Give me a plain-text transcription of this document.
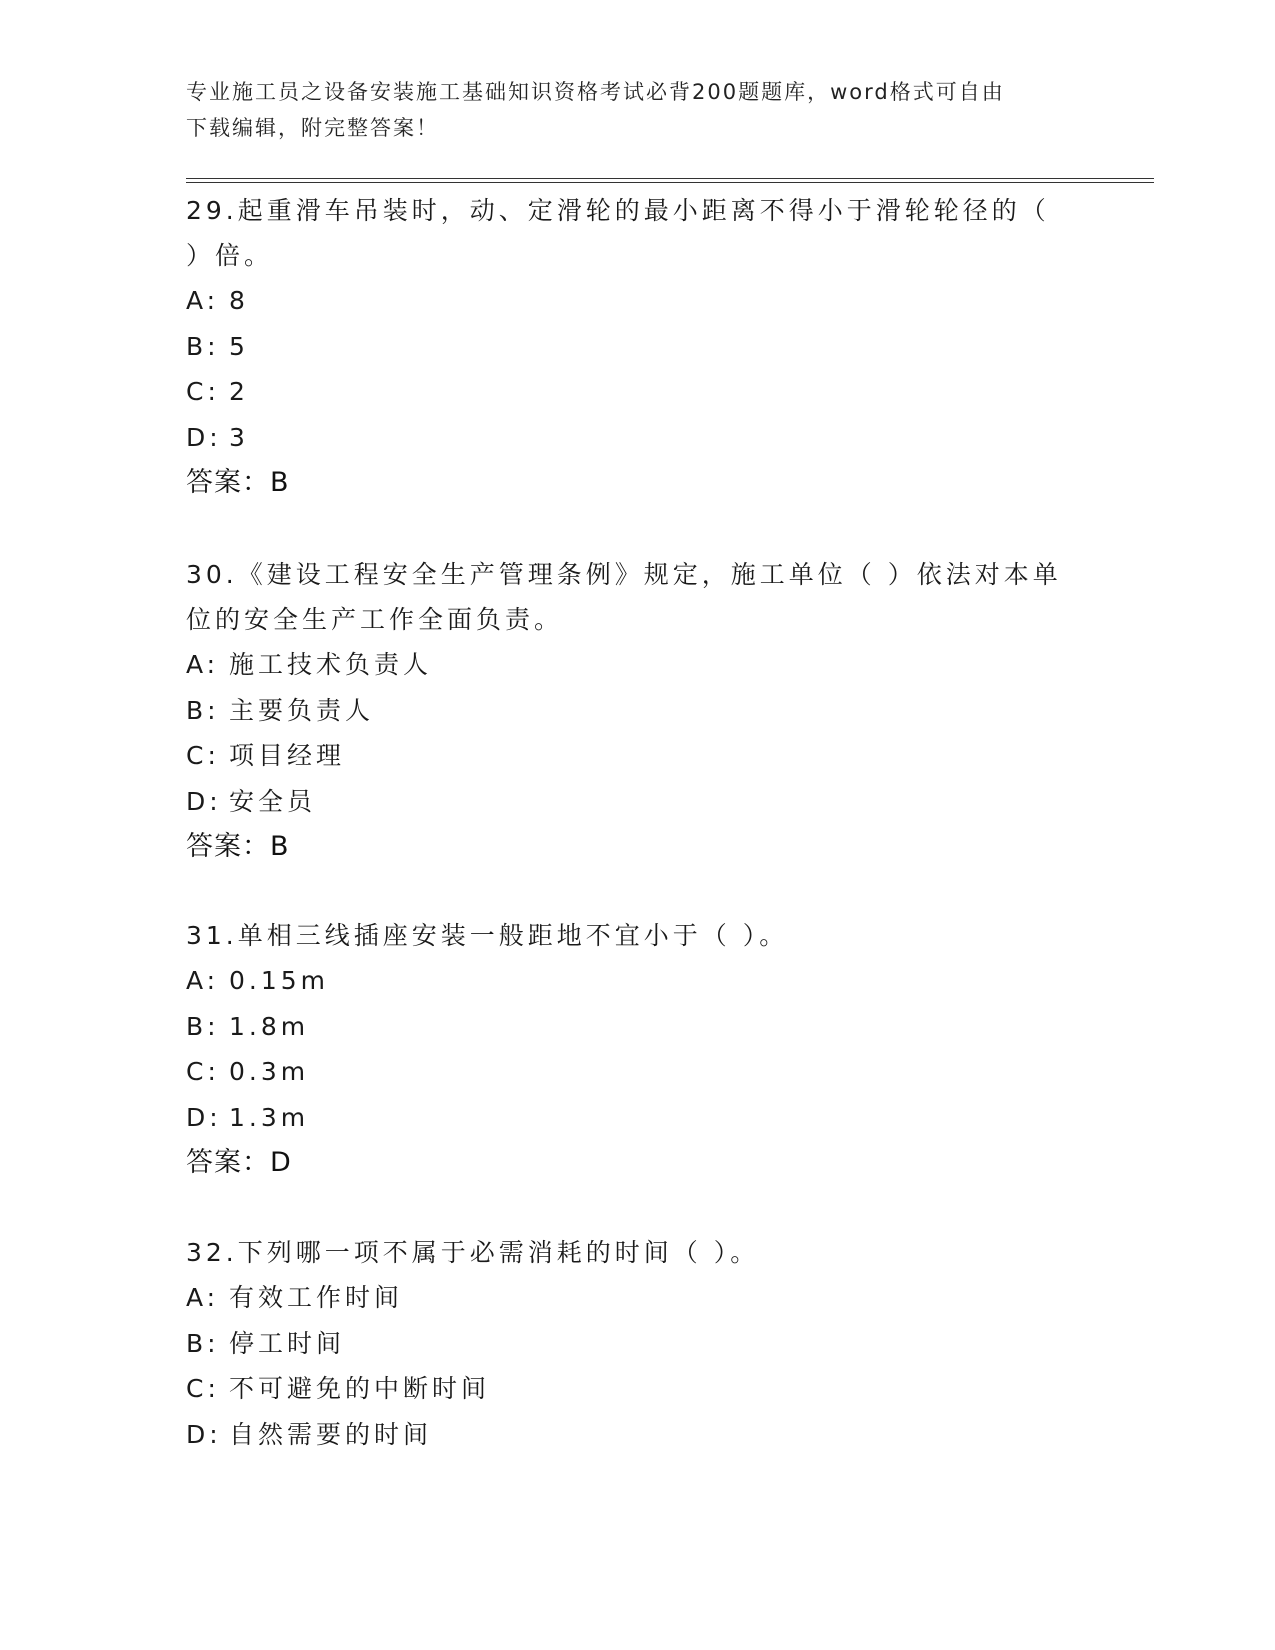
专业施工员之设备安装施工基础知识资格考试必背200题题库，word格式可自由
下载编辑，附完整答案！

29.起重滑车吊装时，动、定滑轮的最小距离不得小于滑轮轮径的（

）倍。

A: 8

B: 5

C: 2

D: 3

答案：B

30.《建设工程安全生产管理条例》规定，施工单位（ ）依法对本单

位的安全生产工作全面负责。

A: 施工技术负责人

B: 主要负责人

C: 项目经理

D: 安全员

答案：B

31.单相三线插座安装一般距地不宜小于（ ）。

A: 0.15m

B: 1.8m

C: 0.3m

D: 1.3m

答案：D

32.下列哪一项不属于必需消耗的时间（ ）。

A: 有效工作时间

B: 停工时间

C: 不可避免的中断时间

D: 自然需要的时间
